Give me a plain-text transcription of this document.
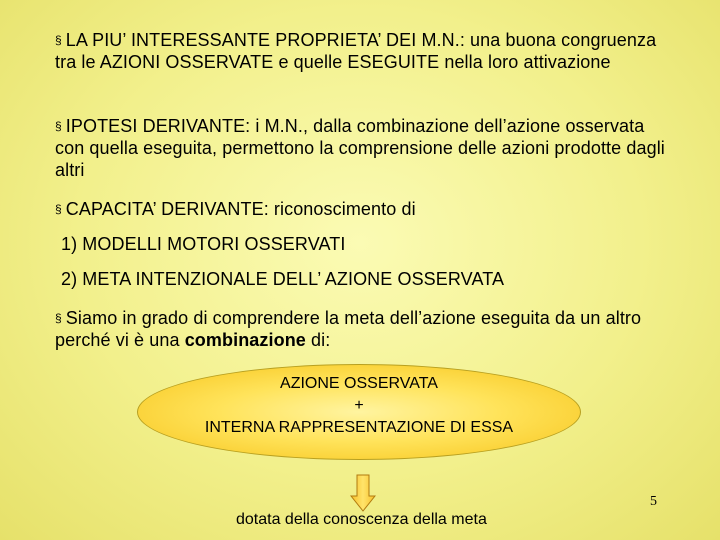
§ LA PIU’ INTERESSANTE PROPRIETA’ DEI M.N.: una buona congruenza tra le AZIONI OSSERVATE e quelle ESEGUITE nella loro attivazione
§ IPOTESI DERIVANTE: i M.N., dalla combinazione dell’azione osservata con quella eseguita, permettono la comprensione delle azioni prodotte dagli altri
§ CAPACITA’ DERIVANTE: riconoscimento di
1) MODELLI MOTORI OSSERVATI
2) META INTENZIONALE DELL’ AZIONE OSSERVATA
§ Siamo in grado di comprendere la meta dell’azione eseguita da un altro perché vi è una combinazione di:
AZIONE OSSERVATA
+
INTERNA RAPPRESENTAZIONE DI ESSA
dotata della conoscenza della meta
5
